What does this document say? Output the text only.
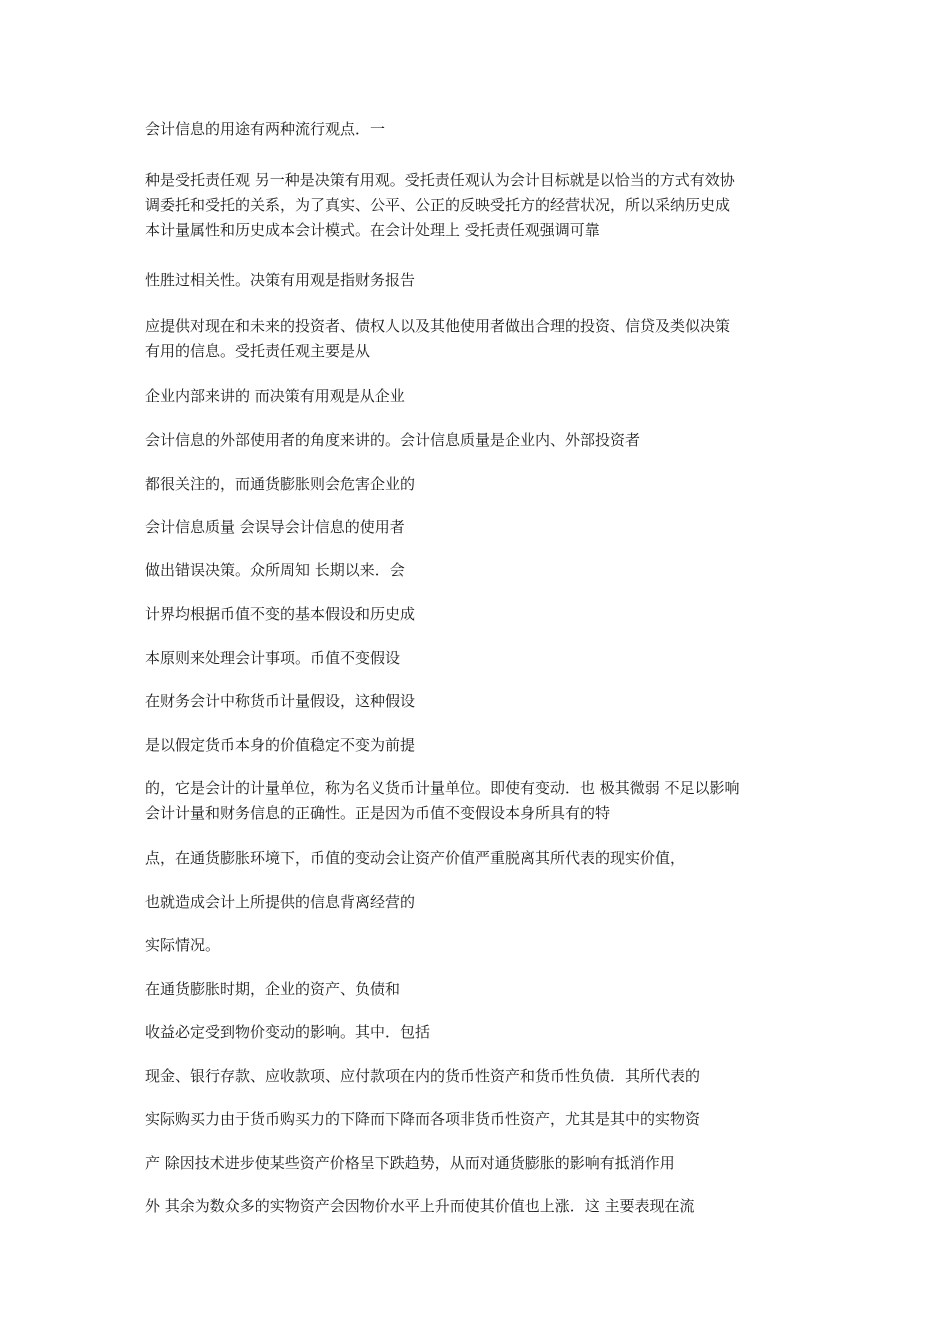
会计信息的用途有两种流行观点．一
种是受托责任观 另一种是决策有用观。受托责任观认为会计目标就是以恰当的方式有效协
调委托和受托的关系，为了真实、公平、公正的反映受托方的经营状况，所以采纳历史成
本计量属性和历史成本会计模式。在会计处理上 受托责任观强调可靠
性胜过相关性。决策有用观是指财务报告
应提供对现在和未来的投资者、债权人以及其他使用者做出合理的投资、信贷及类似决策
有用的信息。受托责任观主要是从
企业内部来讲的 而决策有用观是从企业
会计信息的外部使用者的角度来讲的。会计信息质量是企业内、外部投资者
都很关注的，而通货膨胀则会危害企业的
会计信息质量 会误导会计信息的使用者
做出错误决策。众所周知 长期以来．会
计界均根据币值不变的基本假设和历史成
本原则来处理会计事项。币值不变假设
在财务会计中称货币计量假设，这种假设
是以假定货币本身的价值稳定不变为前提
的，它是会计的计量单位，称为名义货币计量单位。即使有变动．也 极其微弱 不足以影响
会计计量和财务信息的正确性。正是因为币值不变假设本身所具有的特
点，在通货膨胀环境下，币值的变动会让资产价值严重脱离其所代表的现实价值，
也就造成会计上所提供的信息背离经营的
实际情况。
在通货膨胀时期，企业的资产、负债和
收益必定受到物价变动的影响。其中．包括
现金、银行存款、应收款项、应付款项在内的货币性资产和货币性负债．其所代表的
实际购买力由于货币购买力的下降而下降而各项非货币性资产，尤其是其中的实物资
产 除因技术进步使某些资产价格呈下跌趋势，从而对通货膨胀的影响有抵消作用
外 其余为数众多的实物资产会因物价水平上升而使其价值也上涨．这 主要表现在流
